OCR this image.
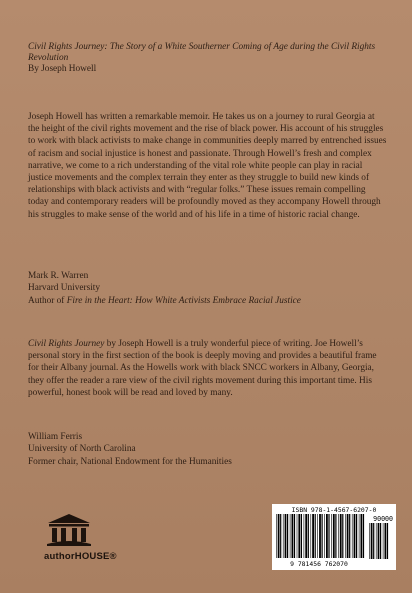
Civil Rights Journey: The Story of a White Southerner Coming of Age during the Civil Rights Revolution
By Joseph Howell

Joseph Howell has written a remarkable memoir. He takes us on a journey to rural Georgia at the height of the civil rights movement and the rise of black power. His account of his struggles to work with black activists to make change in communities deeply marred by entrenched issues of racism and social injustice is honest and passionate. Through Howell’s fresh and complex narrative, we come to a rich understanding of the vital role white people can play in racial justice movements and the complex terrain they enter as they struggle to build new kinds of relationships with black activists and with “regular folks.” These issues remain compelling today and contemporary readers will be profoundly moved as they accompany Howell through his struggles to make sense of the world and of his life in a time of historic racial change.

Mark R. Warren
Harvard University
Author of Fire in the Heart: How White Activists Embrace Racial Justice

Civil Rights Journey by Joseph Howell is a truly wonderful piece of writing. Joe Howell’s personal story in the first section of the book is deeply moving and provides a beautiful frame for their Albany journal. As the Howells work with black SNCC workers in Albany, Georgia, they offer the reader a rare view of the civil rights movement during this important time. His powerful, honest book will be read and loved by many.

William Ferris
University of North Carolina
Former chair, National Endowment for the Humanities
authorHOUSE®
ISBN 978-1-4567-6207-0
90000
9 781456 762070
